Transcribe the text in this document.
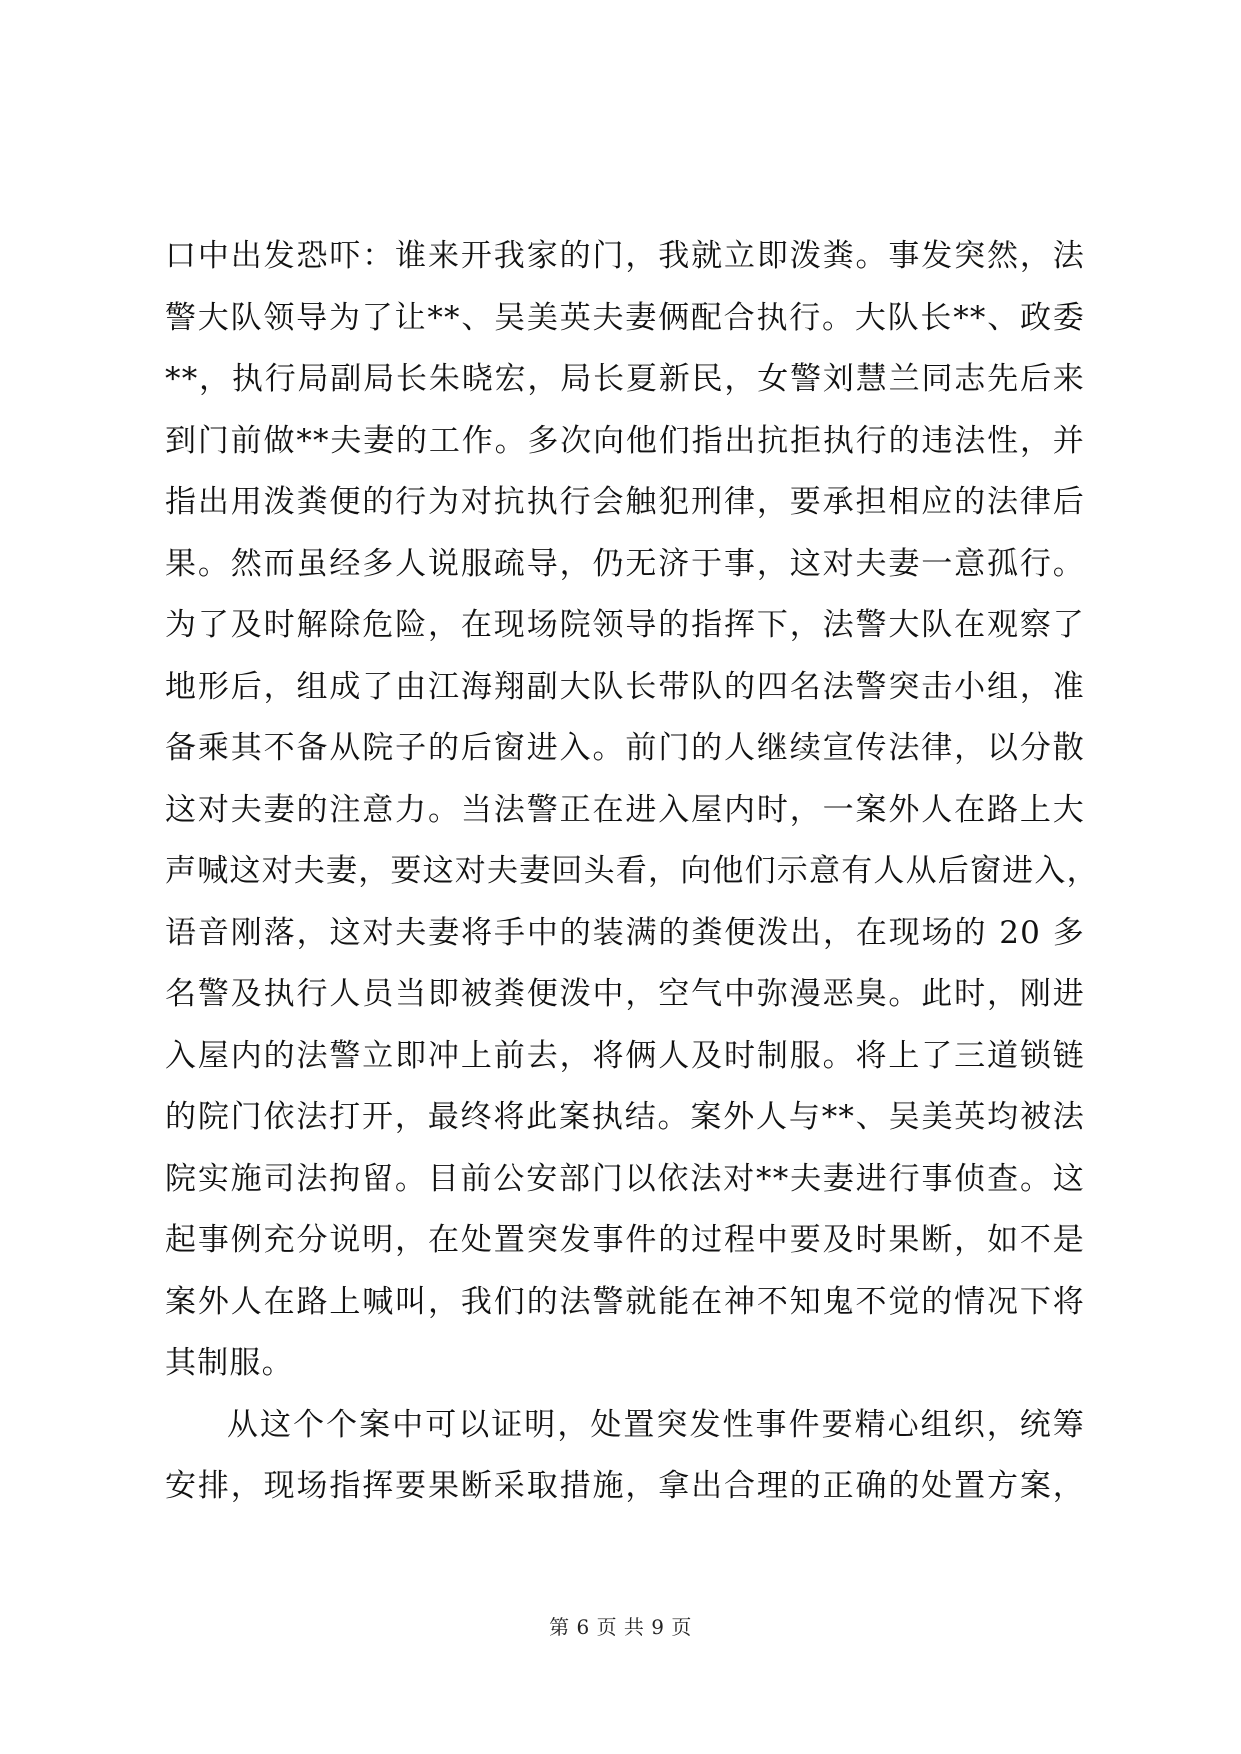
口中出发恐吓：谁来开我家的门，我就立即泼粪。事发突然，法
警大队领导为了让**、吴美英夫妻俩配合执行。大队长**、政委
**，执行局副局长朱晓宏，局长夏新民，女警刘慧兰同志先后来
到门前做**夫妻的工作。多次向他们指出抗拒执行的违法性，并
指出用泼粪便的行为对抗执行会触犯刑律，要承担相应的法律后
果。然而虽经多人说服疏导，仍无济于事，这对夫妻一意孤行。
为了及时解除危险，在现场院领导的指挥下，法警大队在观察了
地形后，组成了由江海翔副大队长带队的四名法警突击小组，准
备乘其不备从院子的后窗进入。前门的人继续宣传法律，以分散
这对夫妻的注意力。当法警正在进入屋内时，一案外人在路上大
声喊这对夫妻，要这对夫妻回头看，向他们示意有人从后窗进入，
语音刚落，这对夫妻将手中的装满的粪便泼出，在现场的 20 多
名警及执行人员当即被粪便泼中，空气中弥漫恶臭。此时，刚进
入屋内的法警立即冲上前去，将俩人及时制服。将上了三道锁链
的院门依法打开，最终将此案执结。案外人与**、吴美英均被法
院实施司法拘留。目前公安部门以依法对**夫妻进行事侦查。这
起事例充分说明，在处置突发事件的过程中要及时果断，如不是
案外人在路上喊叫，我们的法警就能在神不知鬼不觉的情况下将
其制服。
从这个个案中可以证明，处置突发性事件要精心组织，统筹
安排，现场指挥要果断采取措施，拿出合理的正确的处置方案，
第 6 页 共 9 页
